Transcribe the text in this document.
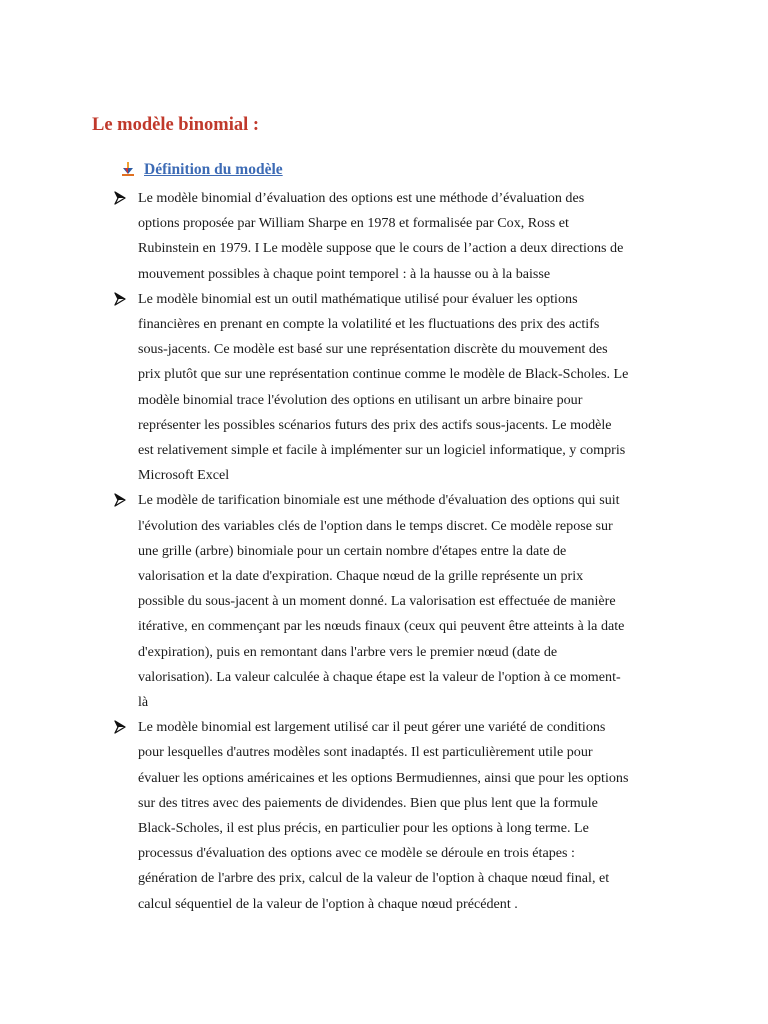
Le modèle binomial :
Définition du modèle
Le modèle binomial d’évaluation des options est une méthode d’évaluation des
options proposée par William Sharpe en 1978 et formalisée par Cox, Ross et
Rubinstein en 1979. I Le modèle suppose que le cours de l’action a deux directions de
mouvement possibles à chaque point temporel : à la hausse ou à la baisse
Le modèle binomial est un outil mathématique utilisé pour évaluer les options
financières en prenant en compte la volatilité et les fluctuations des prix des actifs
sous-jacents. Ce modèle est basé sur une représentation discrète du mouvement des
prix plutôt que sur une représentation continue comme le modèle de Black-Scholes. Le
modèle binomial trace l'évolution des options en utilisant un arbre binaire pour
représenter les possibles scénarios futurs des prix des actifs sous-jacents. Le modèle
est relativement simple et facile à implémenter sur un logiciel informatique, y compris
Microsoft Excel
Le modèle de tarification binomiale est une méthode d'évaluation des options qui suit
l'évolution des variables clés de l'option dans le temps discret. Ce modèle repose sur
une grille (arbre) binomiale pour un certain nombre d'étapes entre la date de
valorisation et la date d'expiration. Chaque nœud de la grille représente un prix
possible du sous-jacent à un moment donné. La valorisation est effectuée de manière
itérative, en commençant par les nœuds finaux (ceux qui peuvent être atteints à la date
d'expiration), puis en remontant dans l'arbre vers le premier nœud (date de
valorisation). La valeur calculée à chaque étape est la valeur de l'option à ce moment-
là
Le modèle binomial est largement utilisé car il peut gérer une variété de conditions
pour lesquelles d'autres modèles sont inadaptés. Il est particulièrement utile pour
évaluer les options américaines et les options Bermudiennes, ainsi que pour les options
sur des titres avec des paiements de dividendes. Bien que plus lent que la formule
Black-Scholes, il est plus précis, en particulier pour les options à long terme. Le
processus d'évaluation des options avec ce modèle se déroule en trois étapes :
génération de l'arbre des prix, calcul de la valeur de l'option à chaque nœud final, et
calcul séquentiel de la valeur de l'option à chaque nœud précédent .
